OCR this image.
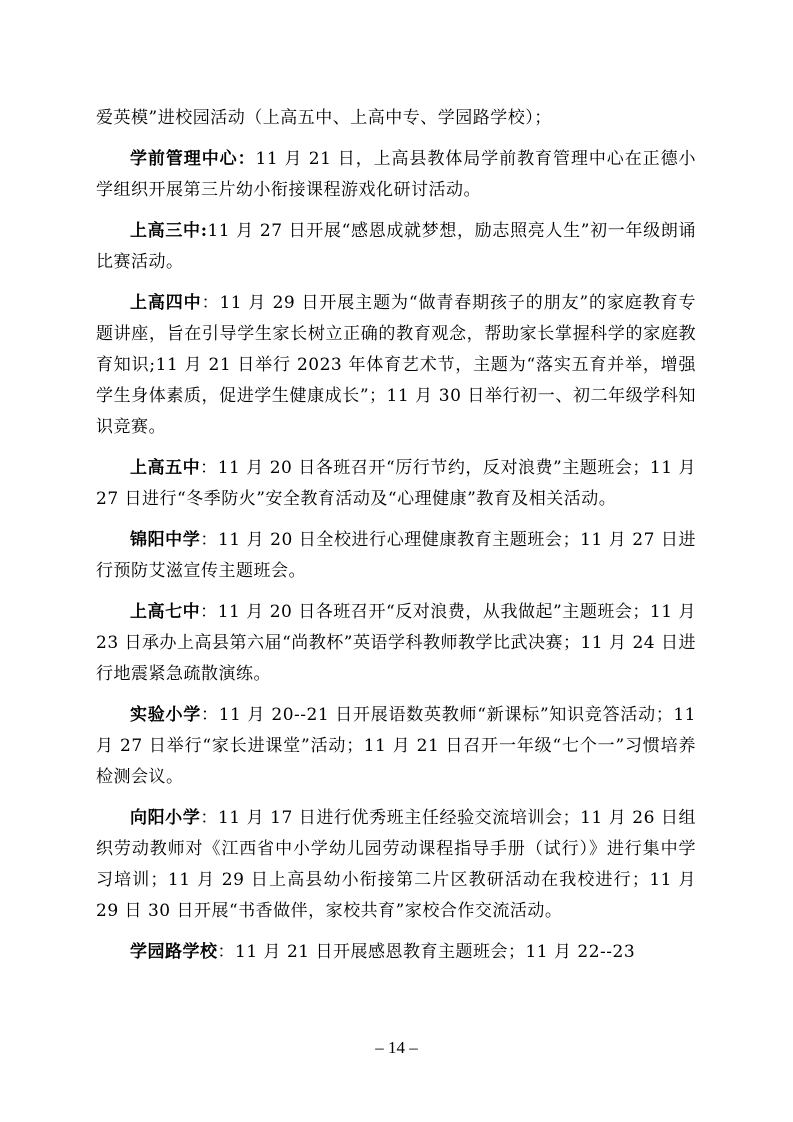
爱英模”进校园活动（上高五中、上高中专、学园路学校）；

学前管理中心：11 月 21 日，上高县教体局学前教育管理中心在正德小学组织开展第三片幼小衔接课程游戏化研讨活动。

上高三中:11 月 27 日开展“感恩成就梦想，励志照亮人生”初一年级朗诵比赛活动。

上高四中：11 月 29 日开展主题为“做青春期孩子的朋友”的家庭教育专题讲座，旨在引导学生家长树立正确的教育观念，帮助家长掌握科学的家庭教育知识;11 月 21 日举行 2023 年体育艺术节，主题为“落实五育并举，增强学生身体素质，促进学生健康成长”；11 月 30 日举行初一、初二年级学科知识竞赛。

上高五中：11 月 20 日各班召开“厉行节约，反对浪费”主题班会；11 月 27 日进行“冬季防火”安全教育活动及“心理健康”教育及相关活动。

锦阳中学：11 月 20 日全校进行心理健康教育主题班会；11 月 27 日进行预防艾滋宣传主题班会。

上高七中：11 月 20 日各班召开“反对浪费，从我做起”主题班会；11 月 23 日承办上高县第六届“尚教杯”英语学科教师教学比武决赛；11 月 24 日进行地震紧急疏散演练。

实验小学：11 月 20--21 日开展语数英教师“新课标”知识竞答活动；11 月 27 日举行“家长进课堂”活动；11 月 21 日召开一年级“七个一”习惯培养检测会议。

向阳小学：11 月 17 日进行优秀班主任经验交流培训会；11 月 26 日组织劳动教师对《江西省中小学幼儿园劳动课程指导手册（试行）》进行集中学习培训；11 月 29 日上高县幼小衔接第二片区教研活动在我校进行；11 月 29 日 30 日开展“书香做伴，家校共育”家校合作交流活动。

学园路学校：11 月 21 日开展感恩教育主题班会；11 月 22--23

– 14 –
